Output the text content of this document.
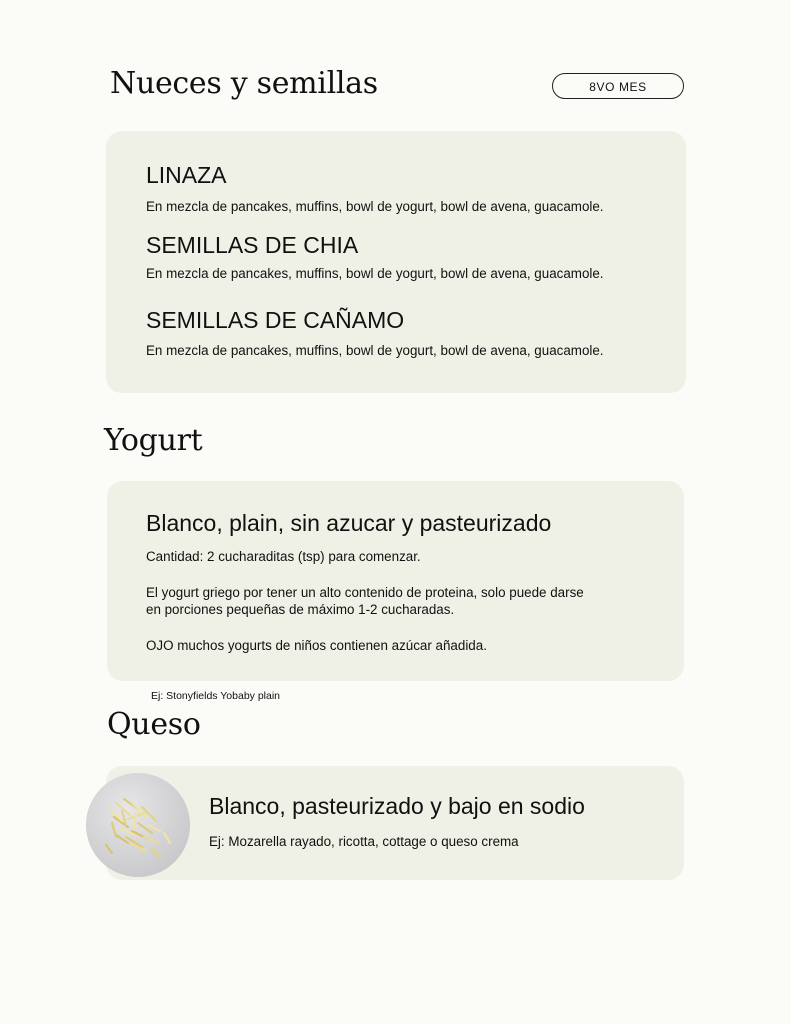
Nueces y semillas	8VO MES
LINAZA

En mezcla de pancakes, muffins, bowl de yogurt, bowl de avena, guacamole.

SEMILLAS DE CHIA

En mezcla de pancakes, muffins, bowl de yogurt, bowl de avena, guacamole.

SEMILLAS DE CAÑAMO

En mezcla de pancakes, muffins, bowl de yogurt, bowl de avena, guacamole.

Yogurt
Blanco, plain, sin azucar y pasteurizado

Cantidad: 2 cucharaditas (tsp) para comenzar.

El yogurt griego por tener un alto contenido de proteina, solo puede darse en porciones pequeñas de máximo 1-2 cucharadas.

OJO muchos yogurts de niños contienen azúcar añadida.

Ej: Stonyfields Yobaby plain
Queso
Blanco, pasteurizado y bajo en sodio

Ej: Mozarella rayado, ricotta, cottage o queso crema
